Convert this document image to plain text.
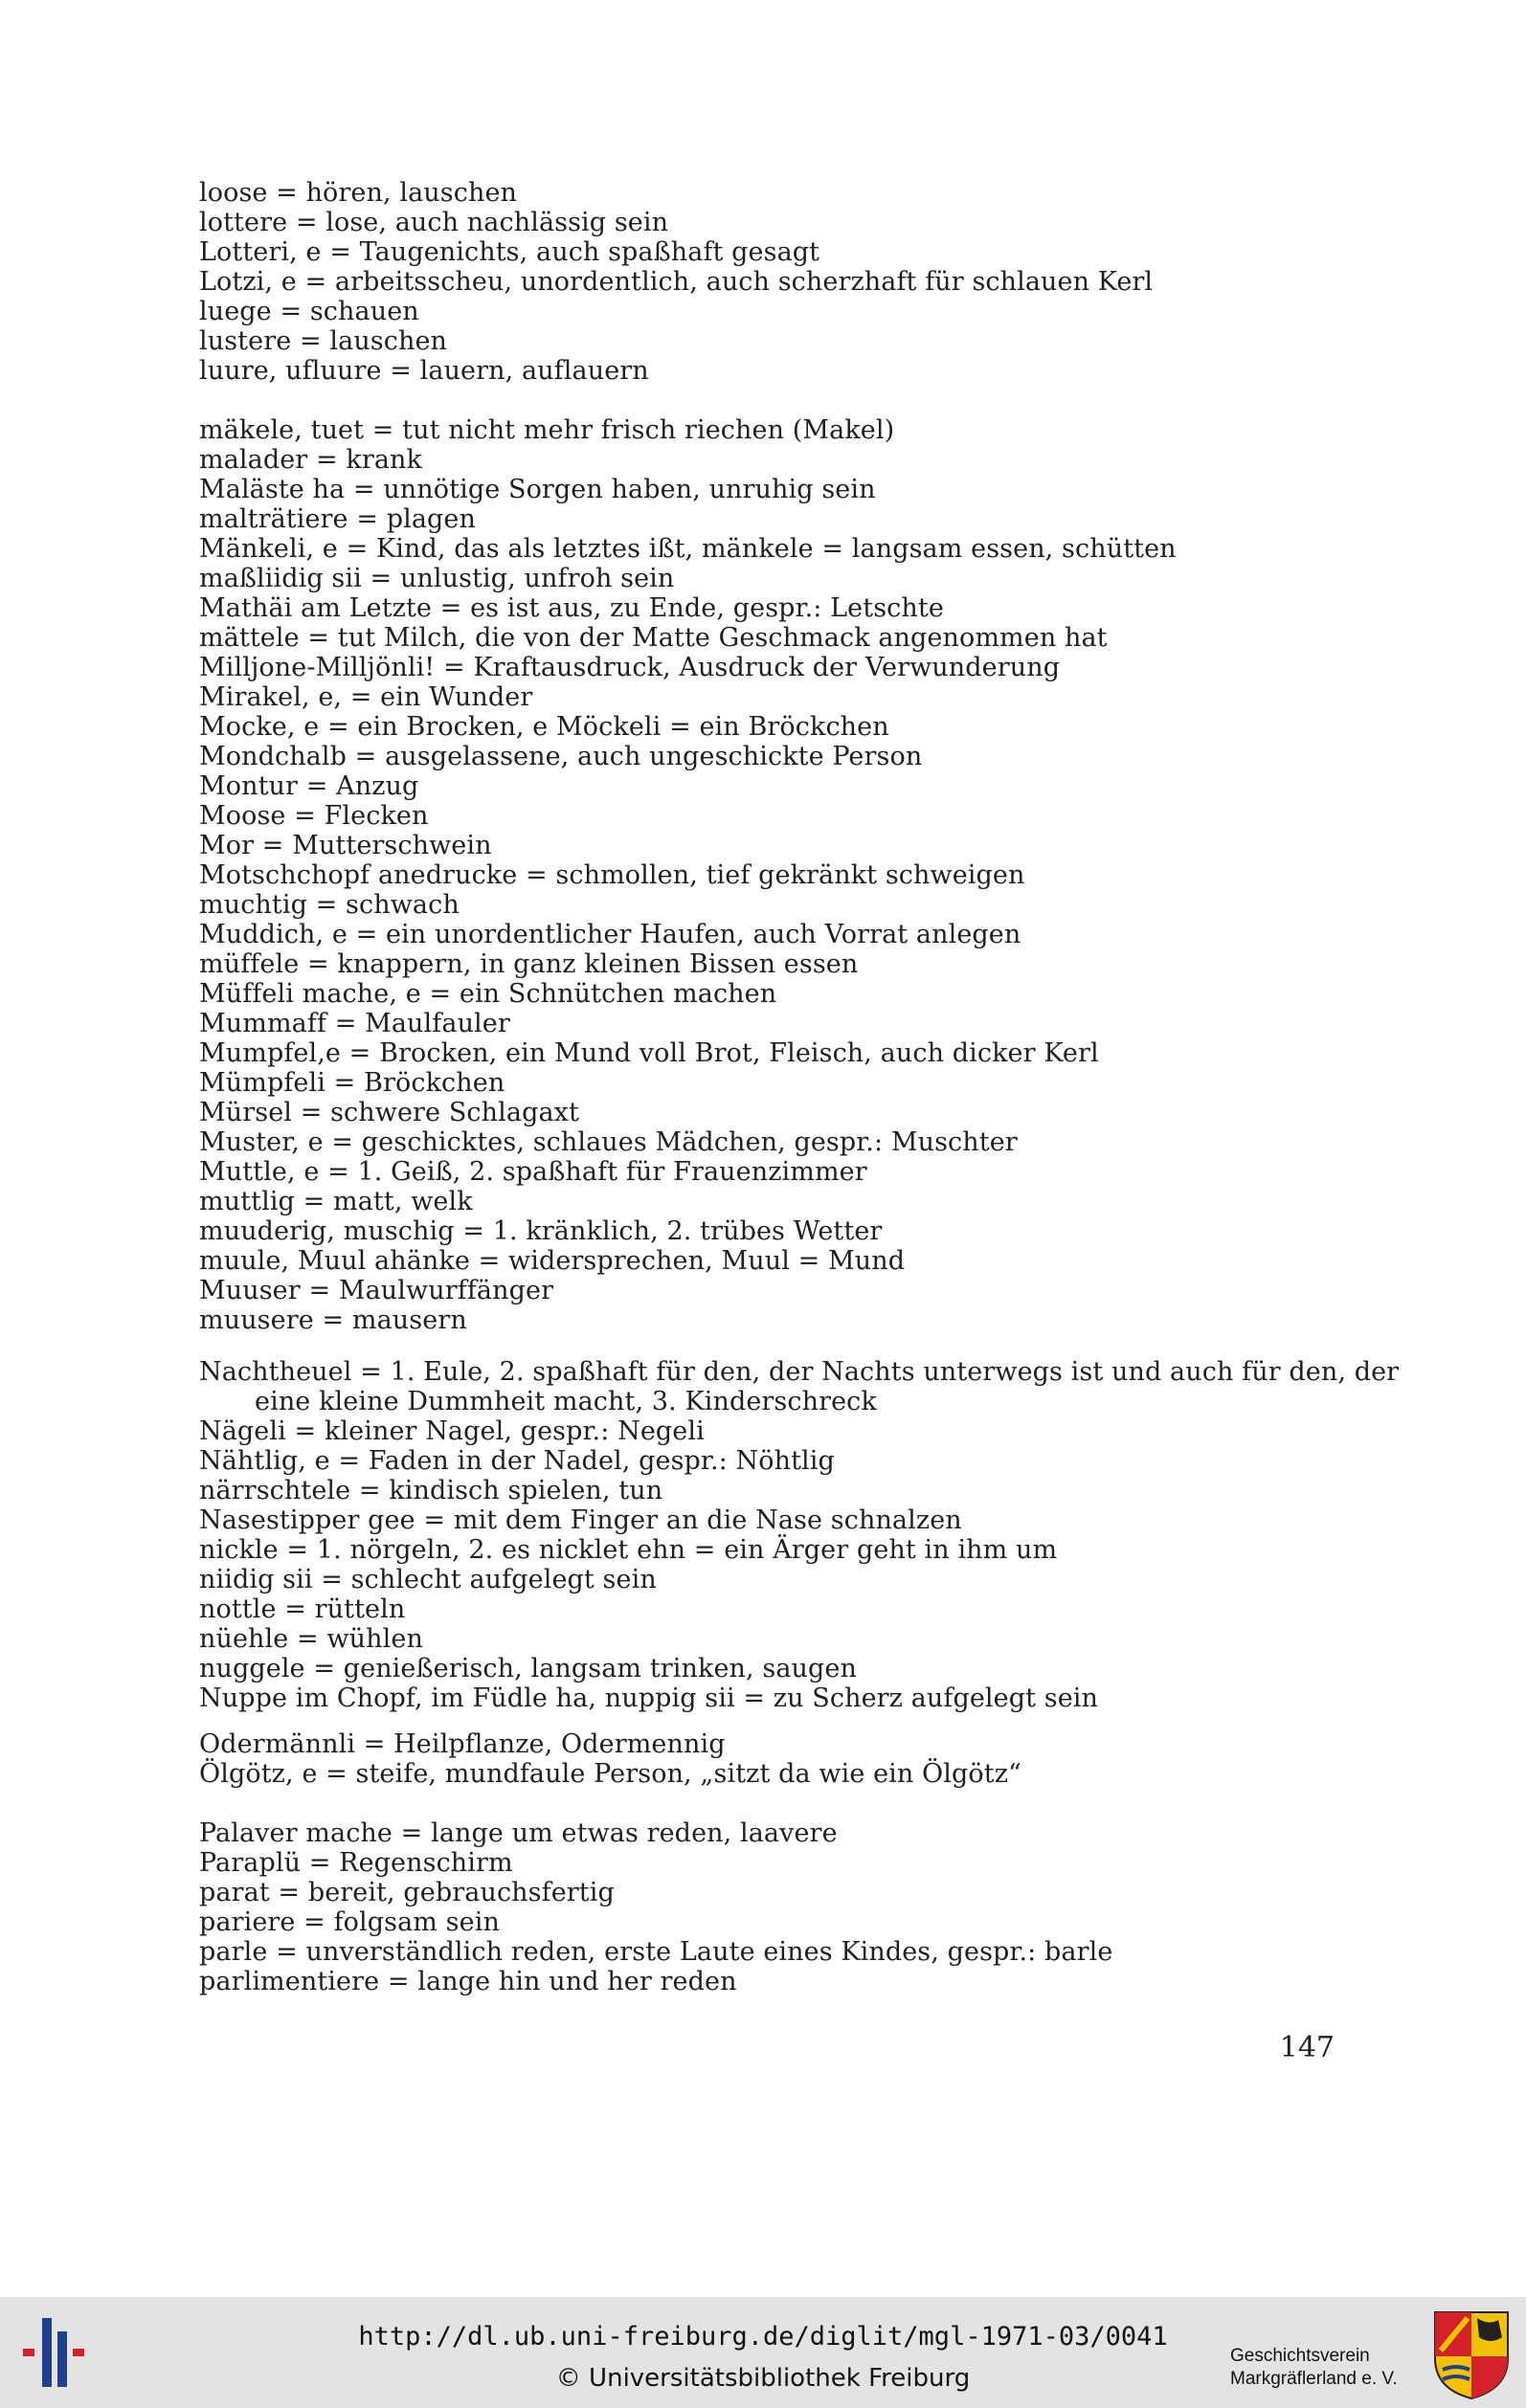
loose = hören, lauschen
lottere = lose, auch nachlässig sein
Lotteri, e = Taugenichts, auch spaßhaft gesagt
Lotzi, e = arbeitsscheu, unordentlich, auch scherzhaft für schlauen Kerl
luege = schauen
lustere = lauschen
luure, ufluure = lauern, auflauern
mäkele, tuet = tut nicht mehr frisch riechen (Makel)
malader = krank
Maläste ha = unnötige Sorgen haben, unruhig sein
malträtiere = plagen
Mänkeli, e = Kind, das als letztes ißt, mänkele = langsam essen, schütten
maßliidig sii = unlustig, unfroh sein
Mathäi am Letzte = es ist aus, zu Ende, gespr.: Letschte
mättele = tut Milch, die von der Matte Geschmack angenommen hat
Milljone-Milljönli! = Kraftausdruck, Ausdruck der Verwunderung
Mirakel, e, = ein Wunder
Mocke, e = ein Brocken, e Möckeli = ein Bröckchen
Mondchalb = ausgelassene, auch ungeschickte Person
Montur = Anzug
Moose = Flecken
Mor = Mutterschwein
Motschchopf anedrucke = schmollen, tief gekränkt schweigen
muchtig = schwach
Muddich, e = ein unordentlicher Haufen, auch Vorrat anlegen
müffele = knappern, in ganz kleinen Bissen essen
Müffeli mache, e = ein Schnütchen machen
Mummaff = Maulfauler
Mumpfel,e = Brocken, ein Mund voll Brot, Fleisch, auch dicker Kerl
Mümpfeli = Bröckchen
Mürsel = schwere Schlagaxt
Muster, e = geschicktes, schlaues Mädchen, gespr.: Muschter
Muttle, e = 1. Geiß, 2. spaßhaft für Frauenzimmer
muttlig = matt, welk
muuderig, muschig = 1. kränklich, 2. trübes Wetter
muule, Muul ahänke = widersprechen, Muul = Mund
Muuser = Maulwurffänger
muusere = mausern
Nachtheuel = 1. Eule, 2. spaßhaft für den, der Nachts unterwegs ist und auch für den, der
eine kleine Dummheit macht, 3. Kinderschreck
Nägeli = kleiner Nagel, gespr.: Negeli
Nähtlig, e = Faden in der Nadel, gespr.: Nöhtlig
närrschtele = kindisch spielen, tun
Nasestipper gee = mit dem Finger an die Nase schnalzen
nickle = 1. nörgeln, 2. es nicklet ehn = ein Ärger geht in ihm um
niidig sii = schlecht aufgelegt sein
nottle = rütteln
nüehle = wühlen
nuggele = genießerisch, langsam trinken, saugen
Nuppe im Chopf, im Füdle ha, nuppig sii = zu Scherz aufgelegt sein
Odermännli = Heilpflanze, Odermennig
Ölgötz, e = steife, mundfaule Person, „sitzt da wie ein Ölgötz“
Palaver mache = lange um etwas reden, laavere
Paraplü = Regenschirm
parat = bereit, gebrauchsfertig
pariere = folgsam sein
parle = unverständlich reden, erste Laute eines Kindes, gespr.: barle
parlimentiere = lange hin und her reden
147
http://dl.ub.uni-freiburg.de/diglit/mgl-1971-03/0041
© Universitätsbibliothek Freiburg
Geschichtsverein
Markgräflerland e. V.
